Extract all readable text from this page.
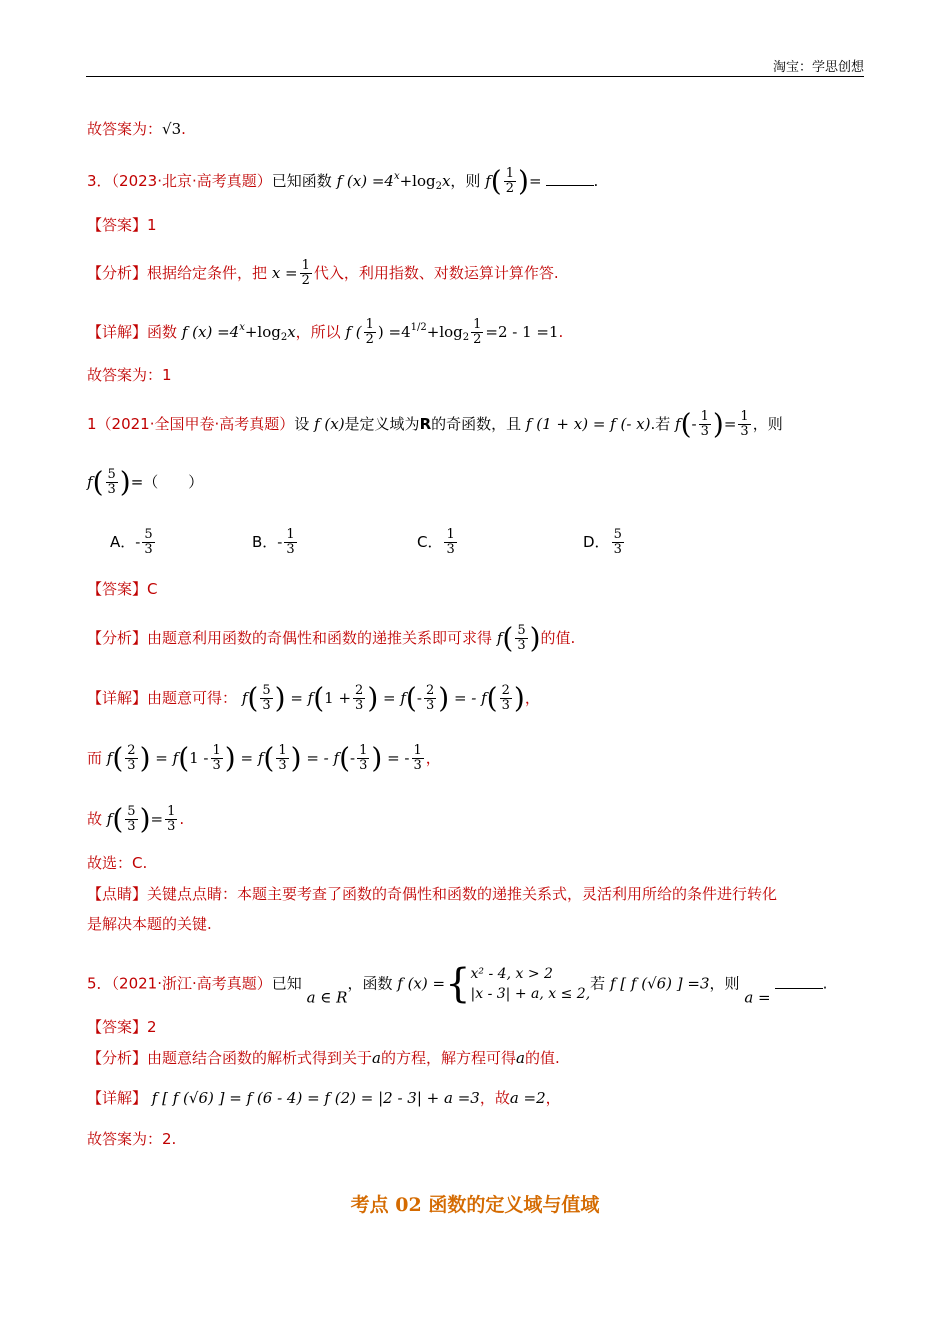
淘宝：学思创想
故答案为：√3.
3．（2023·北京·高考真题）已知函数 f $(x) =4^x+\log_2x$，则 $f( \frac{1}{2}$ )=	.
【答案】1
【分析】根据给定条件，把 $x = \frac{1}{2}$ 代入，利用指数、对数运算计算作答.
【详解】函数 f $(x) =4^x+\log_2x$，所以 f ( $\frac{1}{2}$ ) $=4^{1/2}+\log_2 \frac{1}{2} =2 - 1 =1$.
故答案为：1
1（2021·全国甲卷·高考真题）设 f (x)是定义域为R的奇函数，且 f (1 + x) = f (- x).若 $f(- \frac{1}{3}$ )= $\frac{1}{3}$ ，则
$f( \frac{5}{3}$ )=（　　）
A．- $\frac{5}{3}$	B．- $\frac{1}{3}$	C． $\frac{1}{3}$	D． $\frac{5}{3}$
【答案】C
【分析】由题意利用函数的奇偶性和函数的递推关系即可求得 $f( \frac{5}{3}$ )的值.
【详解】由题意可得： $f( \frac{5}{3}$ ) = $f(1 + \frac{2}{3}$ ) = $f(- \frac{2}{3}$ ) = - $f( \frac{2}{3}$ )，
而 $f( \frac{2}{3}$ ) = $f(1 - \frac{1}{3}$ ) = $f( \frac{1}{3}$ ) = - $f(- \frac{1}{3}$ ) = - $\frac{1}{3}$ ，
故 $f( \frac{5}{3}$ )= $\frac{1}{3}$ .
故选：C.
【点睛】关键点点睛：本题主要考查了函数的奇偶性和函数的递推关系式，灵活利用所给的条件进行转化
是解决本题的关键.
5．（2021·浙江·高考真题）已知 a ∈ R，函数 f (x) ={ x² - 4, x > 2
|x - 3| + a, x ≤ 2,
若 f [ f (√6) ] =3，则 a =.
【答案】2
【分析】由题意结合函数的解析式得到关于a的方程，解方程可得a的值.
【详解】 f [ f (√6) ] = f (6 - 4) = f (2) = |2 - 3| + a =3，故a =2，
故答案为：2.
考点 02 函数的定义域与值域
